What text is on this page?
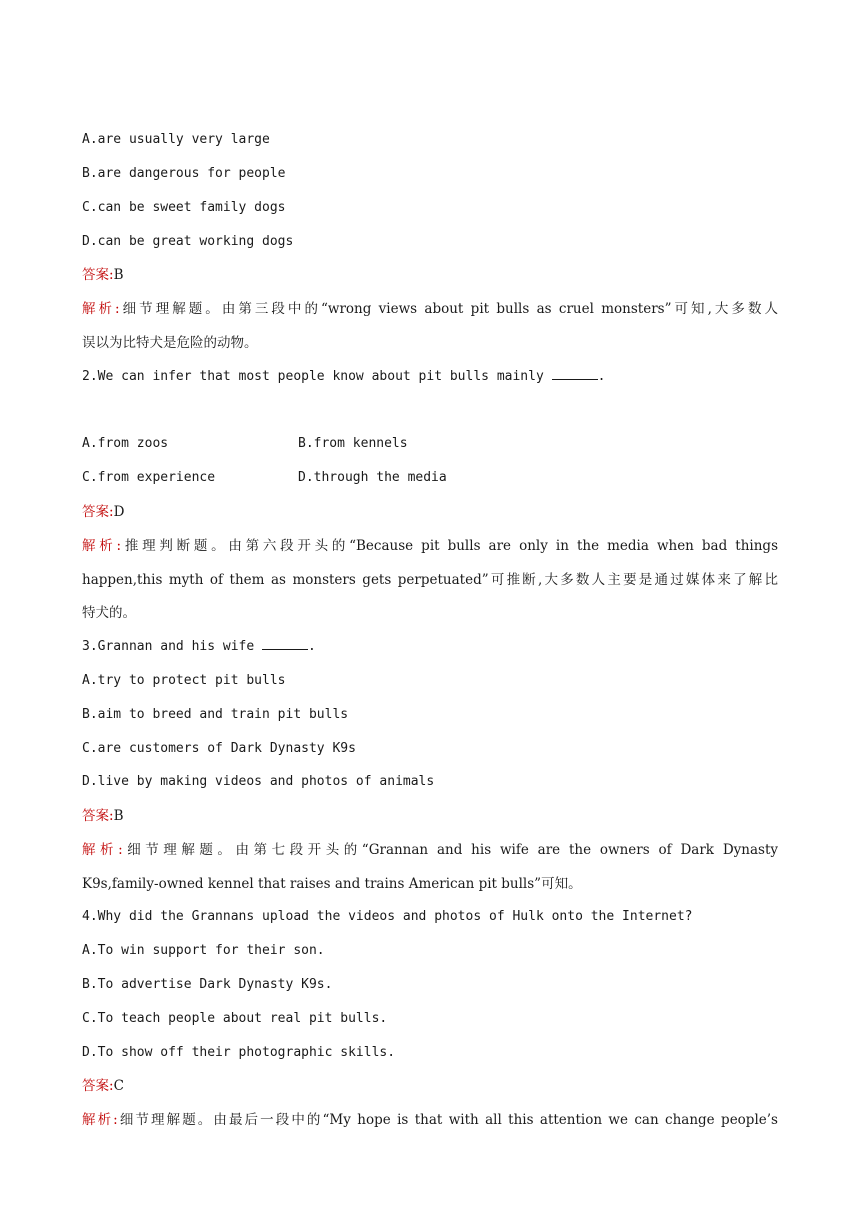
A.are usually very large
B.are dangerous for people
C.can be sweet family dogs
D.can be great working dogs
答案:B
解析:细节理解题。由第三段中的“wrong views about pit bulls as cruel monsters”可知,大多数人
误以为比特犬是危险的动物。
2.We can infer that most people know about pit bulls mainly	.
A.from zoos	B.from kennels
C.from experience	D.through the media
答案:D
解析:推理判断题。由第六段开头的“Because pit bulls are only in the media when bad things
happen,this myth of them as monsters gets perpetuated”可推断,大多数人主要是通过媒体来了解比
特犬的。
3.Grannan and his wife	.
A.try to protect pit bulls
B.aim to breed and train pit bulls
C.are customers of Dark Dynasty K9s
D.live by making videos and photos of animals
答案:B
解析:细节理解题。由第七段开头的“Grannan and his wife are the owners of Dark Dynasty
K9s,family-owned kennel that raises and trains American pit bulls”可知。
4.Why did the Grannans upload the videos and photos of Hulk onto the Internet?
A.To win support for their son.
B.To advertise Dark Dynasty K9s.
C.To teach people about real pit bulls.
D.To show off their photographic skills.
答案:C
解析:细节理解题。由最后一段中的“My hope is that with all this attention we can change people’s
